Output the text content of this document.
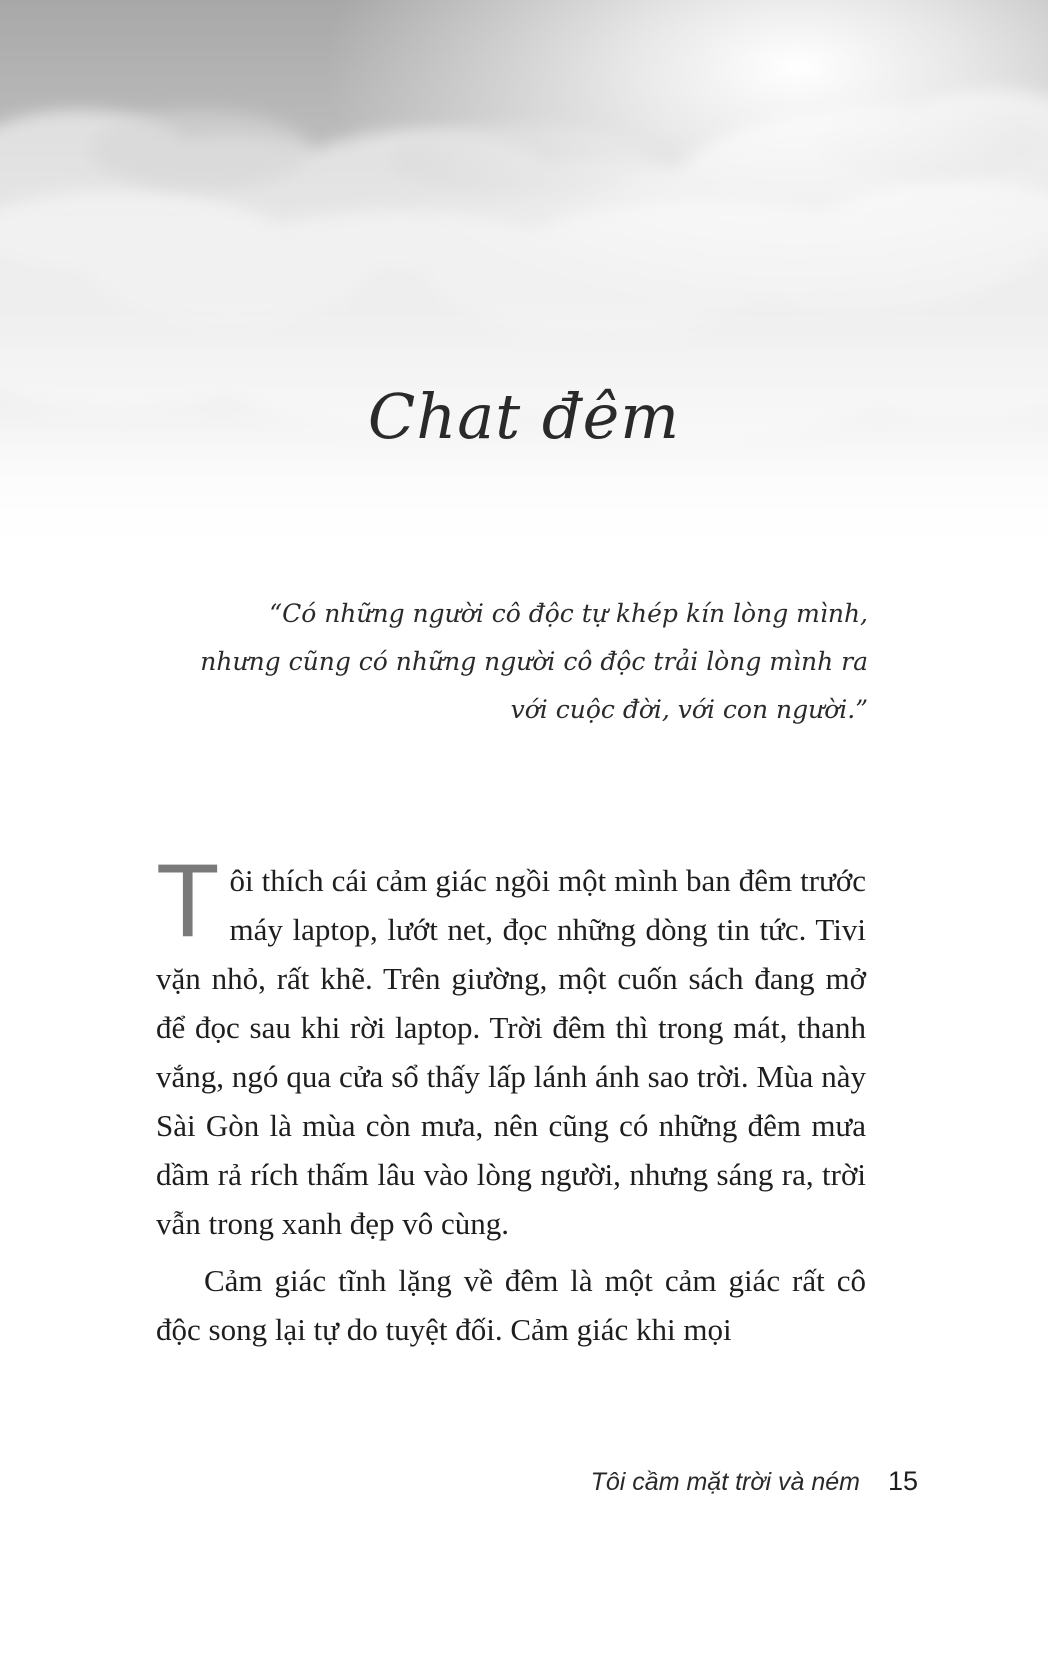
Chat đêm
“Có những người cô độc tự khép kín lòng mình,
nhưng cũng có những người cô độc trải lòng mình ra
với cuộc đời, với con người.”

Tôi thích cái cảm giác ngồi một mình ban đêm trước máy laptop, lướt net, đọc những dòng tin tức. Tivi vặn nhỏ, rất khẽ. Trên giường, một cuốn sách đang mở để đọc sau khi rời laptop. Trời đêm thì trong mát, thanh vắng, ngó qua cửa sổ thấy lấp lánh ánh sao trời. Mùa này Sài Gòn là mùa còn mưa, nên cũng có những đêm mưa dầm rả rích thấm lâu vào lòng người, nhưng sáng ra, trời vẫn trong xanh đẹp vô cùng.

Cảm giác tĩnh lặng về đêm là một cảm giác rất cô độc song lại tự do tuyệt đối. Cảm giác khi mọi

Tôi cầm mặt trời và ném 15
